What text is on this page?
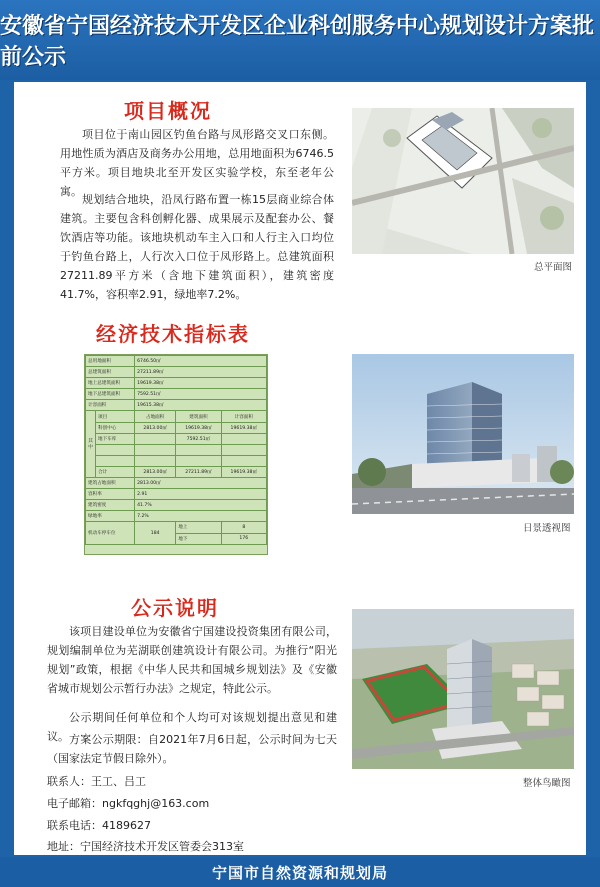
安徽省宁国经济技术开发区企业科创服务中心规划设计方案批前公示
项目概况
项目位于南山园区钓鱼台路与凤形路交叉口东侧。用地性质为酒店及商务办公用地，总用地面积为6746.5平方米。项目地块北至开发区实验学校，东至老年公寓。
规划结合地块，沿凤行路布置一栋15层商业综合体建筑。主要包含科创孵化器、成果展示及配套办公、餐饮酒店等功能。该地块机动车主入口和人行主入口均位于钓鱼台路上，人行次入口位于凤形路上。总建筑面积27211.89平方米（含地下建筑面积），建筑密度41.7%，容积率2.91，绿地率7.2%。
总平面图
经济技术指标表
总用地面积		6746.50㎡		
总建筑面积		27211.89㎡		
地上总建筑面积		19619.38㎡		
地下总建筑面积		7592.51㎡		
计容面积		19615.38㎡		
其
中	项目	占地面积	建筑面积	计容面积
	科创中心	2813.00㎡	19619.38㎡	19619.38㎡
	地下车库		7592.51㎡	

	合计	2813.00㎡	27211.89㎡	19619.38㎡
建筑占地面积		2813.00㎡		
容积率		2.91		
建筑密度		41.7%		
绿地率		7.2%		
机动车停车位		184	地上	8
			地下	176
日景透视图
公示说明
该项目建设单位为安徽省宁国建设投资集团有限公司，规划编制单位为芜湖联创建筑设计有限公司。为推行“阳光规划”政策，根据《中华人民共和国城乡规划法》及《安徽省城市规划公示暂行办法》之规定，特此公示。
公示期间任何单位和个人均可对该规划提出意见和建议。 方案公示期限：自2021年7月6日起，公示时间为七天（国家法定节假日除外）。
联系人：王工、吕工
电子邮箱：ngkfqghj@163.com
联系电话：4189627
地址：宁国经济技术开发区管委会313室
整体鸟瞰图
宁国市自然资源和规划局
